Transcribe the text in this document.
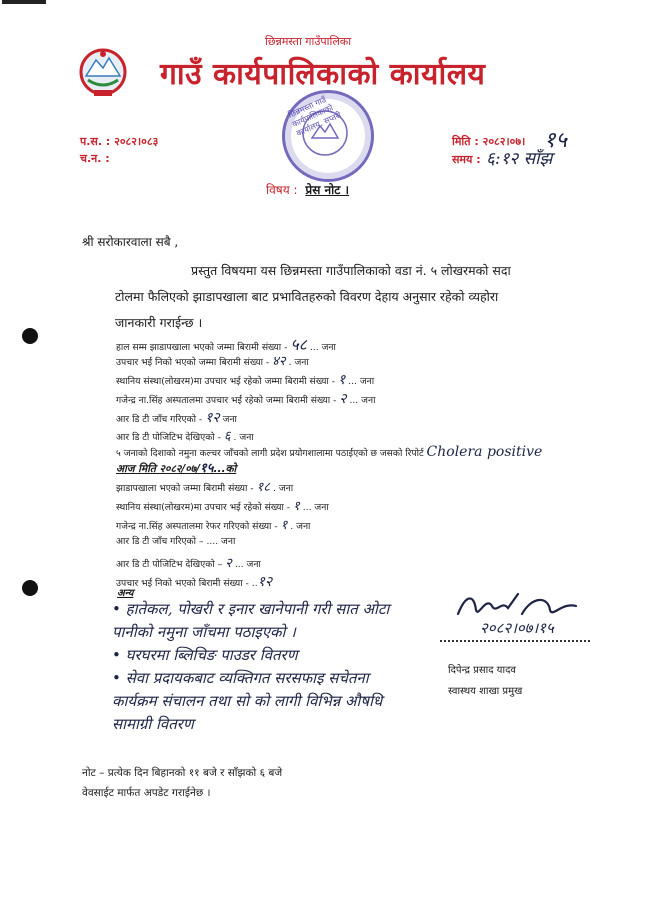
छिन्नमस्ता गाउँपालिका
गाउँ कार्यपालिकाको कार्यालय
छिन्नमस्ता गाउँ कार्यपालिकाको कार्यालय, सप्तरी
प.स. : २०८२।०८३
च.न. :
मिति : २०८२।०७। १५
समय : ६:१२ साँझ
विषय : प्रेस नोट ।
श्री सरोकारवाला सबै ,
प्रस्तुत विषयमा यस छिन्नमस्ता गाउँपालिकाको वडा नं. ५ लोखरमको सदा टोलमा फैलिएको झाडापखाला बाट प्रभावितहरुको विवरण देहाय अनुसार रहेको व्यहोरा जानकारी गराईन्छ ।
हाल सम्म झाडापखाला भएको जम्मा बिरामी संख्या - ५८ ... जना
उपचार भई निको भएको जम्मा बिरामी संख्या - ४२ . जना
स्थानिय संस्था(लोखरम)मा उपचार भई रहेको जम्मा बिरामी संख्या - १ ... जना
गजेन्द्र ना.सिंह अस्पतालमा उपचार भई रहेको जम्मा बिरामी संख्या - २ ... जना
आर डि टी जाँच गरिएको - १२ जना
आर डि टी पोजिटिभ देखिएको - ६ . जना
५ जनाको दिशाको नमुना कल्चर जाँचको लागी प्रदेश प्रयोगशालामा पठाईएको छ जसको रिपोर्ट Cholera positive
आज मिति २०८२/०७/१५...को
झाडापखाला भएको जम्मा बिरामी संख्या - १८ . जना
स्थानिय संस्था(लोखरम)मा उपचार भई रहेको संख्या - १ ... जना
गजेन्द्र ना.सिंह अस्पतालमा रेफर गरिएको संख्या - १ . जना
आर डि टी जाँच गरिएको – .... जना
आर डि टी पोजिटिभ देखिएको – २ ... जना
उपचार भई निको भएको बिरामी संख्या - ..१२
अन्य
• हातेकल, पोखरी र इनार खानेपानी गरी सात ओटा पानीको नमुना जाँचमा पठाइएको ।
• घरघरमा ब्लिचिङ पाउडर वितरण
• सेवा प्रदायकबाट व्यक्तिगत सरसफाइ सचेतना कार्यक्रम संचालन तथा सो को लागी विभिन्न औषधि सामाग्री वितरण
२०८२।०७।१५
दिपेन्द्र प्रसाद यादव
स्वास्थय शाखा प्रमुख
नोट – प्रत्येक दिन बिहानको ११ बजे र साँझको ६ बजे
वेवसाईट मार्फत अपडेट गराईनेछ ।
